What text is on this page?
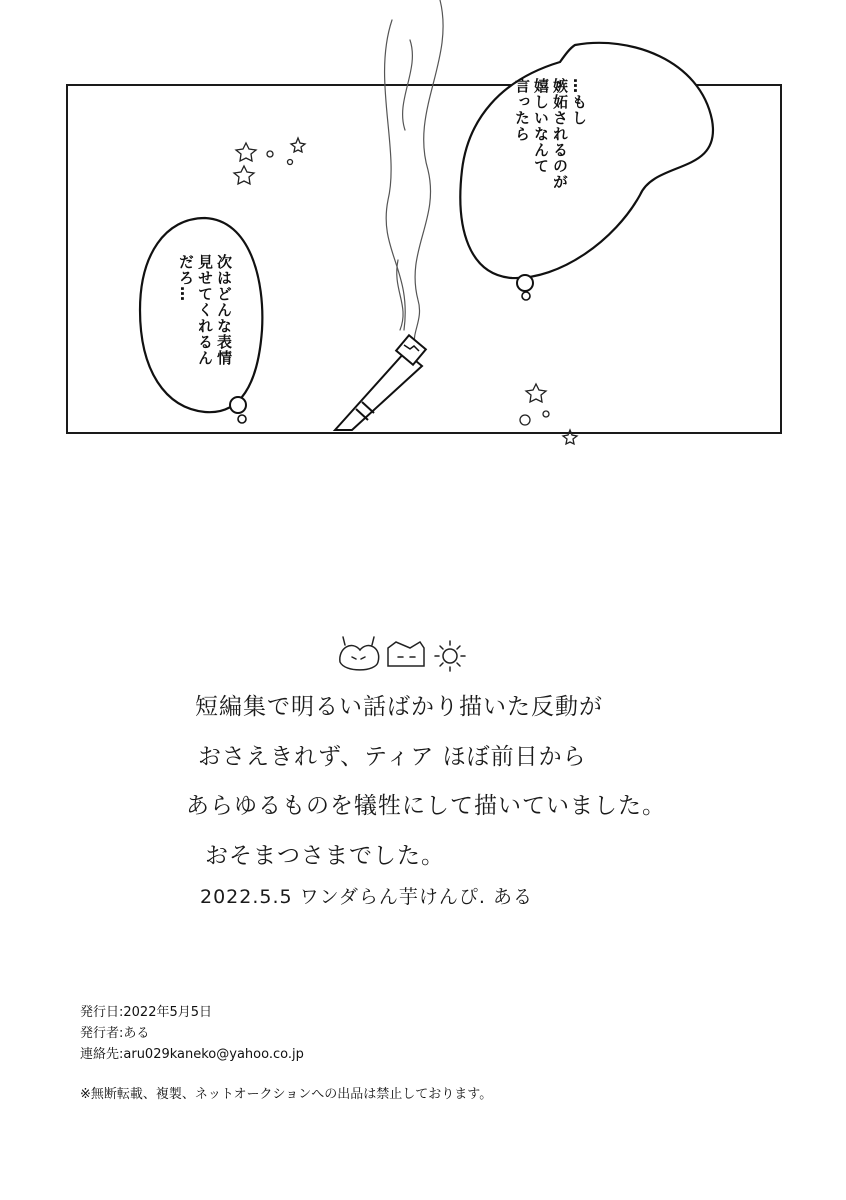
…もし
嫉妬されるのが
嬉しいなんて
言ったら
次はどんな表情
見せてくれるん
だろ…
短編集で明るい話ばかり描いた反動が
おさえきれず、ティア ほぼ前日から
あらゆるものを犠牲にして描いていました。
おそまつさまでした。
2022.5.5 ワンダらん芋けんぴ. ある
発行日:2022年5月5日
発行者:ある
連絡先:aru029kaneko@yahoo.co.jp
※無断転載、複製、ネットオークションへの出品は禁止しております。
